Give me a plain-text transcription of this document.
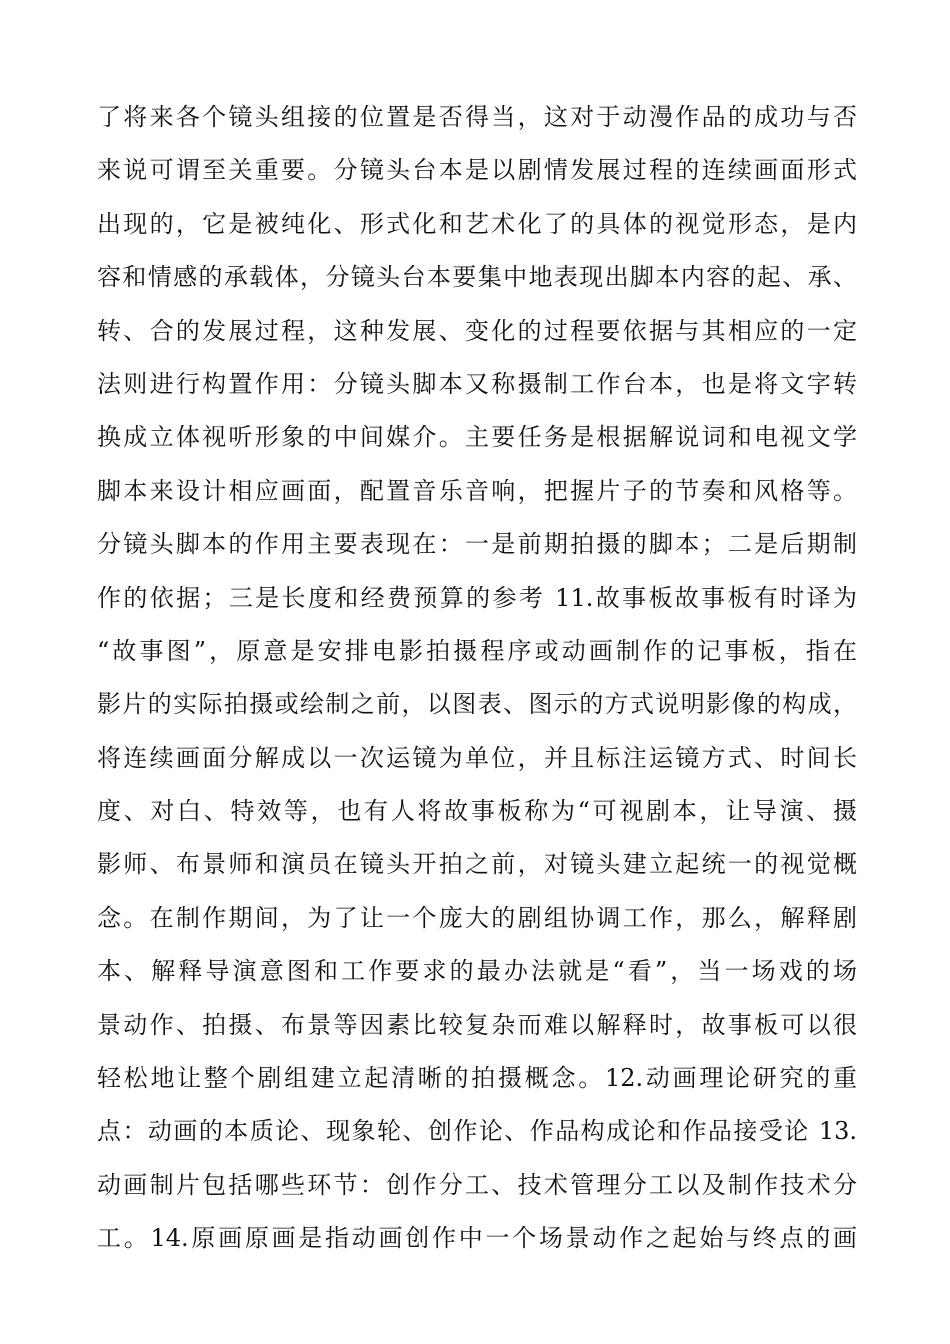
了将来各个镜头组接的位置是否得当，这对于动漫作品的成功与否
来说可谓至关重要。分镜头台本是以剧情发展过程的连续画面形式
出现的，它是被纯化、形式化和艺术化了的具体的视觉形态，是内
容和情感的承载体，分镜头台本要集中地表现出脚本内容的起、承、
转、合的发展过程，这种发展、变化的过程要依据与其相应的一定
法则进行构置作用：分镜头脚本又称摄制工作台本，也是将文字转
换成立体视听形象的中间媒介。主要任务是根据解说词和电视文学
脚本来设计相应画面，配置音乐音响，把握片子的节奏和风格等。
分镜头脚本的作用主要表现在：一是前期拍摄的脚本；二是后期制
作的依据；三是长度和经费预算的参考 11.故事板故事板有时译为
“故事图”，原意是安排电影拍摄程序或动画制作的记事板，指在
影片的实际拍摄或绘制之前，以图表、图示的方式说明影像的构成，
将连续画面分解成以一次运镜为单位，并且标注运镜方式、时间长
度、对白、特效等，也有人将故事板称为“可视剧本，让导演、摄
影师、布景师和演员在镜头开拍之前，对镜头建立起统一的视觉概
念。在制作期间，为了让一个庞大的剧组协调工作，那么，解释剧
本、解释导演意图和工作要求的最办法就是“看”，当一场戏的场
景动作、拍摄、布景等因素比较复杂而难以解释时，故事板可以很
轻松地让整个剧组建立起清晰的拍摄概念。12.动画理论研究的重
点：动画的本质论、现象轮、创作论、作品构成论和作品接受论 13.
动画制片包括哪些环节：创作分工、技术管理分工以及制作技术分
工。14.原画原画是指动画创作中一个场景动作之起始与终点的画
